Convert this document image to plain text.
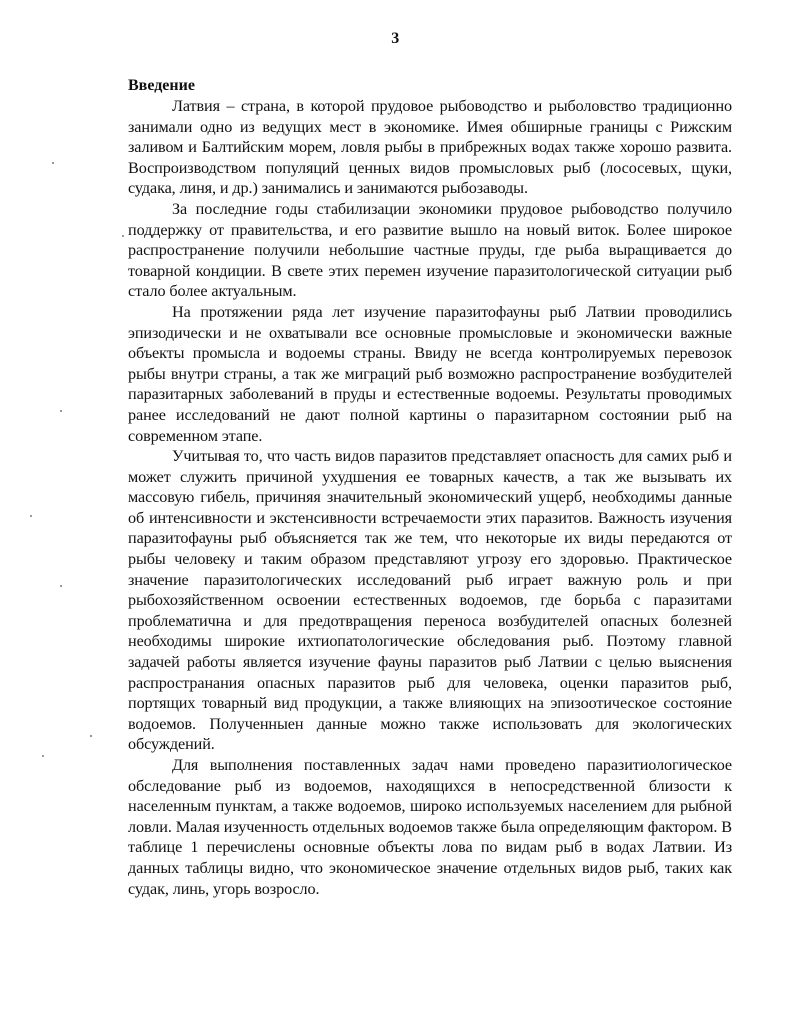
3

Введение

Латвия – страна, в которой прудовое рыбоводство и рыболовство традиционно занимали одно из ведущих мест в экономике. Имея обширные границы с Рижским заливом и Балтийским морем, ловля рыбы в прибрежных водах также хорошо развита. Воспроизводством популяций ценных видов промысловых рыб (лососевых, щуки, судака, линя, и др.) занимались и занимаются рыбозаводы.

За последние годы стабилизации экономики прудовое рыбоводство получило поддержку от правительства, и его развитие вышло на новый виток. Более широкое распространение получили небольшие частные пруды, где рыба выращивается до товарной кондиции. В свете этих перемен изучение паразитологической ситуации рыб стало более актуальным.

На протяжении ряда лет изучение паразитофауны рыб Латвии проводились эпизодически и не охватывали все основные промысловые и экономически важные объекты промысла и водоемы страны. Ввиду не всегда контролируемых перевозок рыбы внутри страны, а так же миграций рыб возможно распространение возбудителей паразитарных заболеваний в пруды и естественные водоемы. Результаты проводимых ранее исследований не дают полной картины о паразитарном состоянии рыб на современном этапе.

Учитывая то, что часть видов паразитов представляет опасность для самих рыб и может служить причиной ухудшения ее товарных качеств, а так же вызывать их массовую гибель, причиняя значительный экономический ущерб, необходимы данные об интенсивности и экстенсивности встречаемости этих паразитов. Важность изучения паразитофауны рыб объясняется так же тем, что некоторые их виды передаются от рыбы человеку и таким образом представляют угрозу его здоровью. Практическое значение паразитологических исследований рыб играет важную роль и при рыбохозяйственном освоении естественных водоемов, где борьба с паразитами проблематична и для предотвращения переноса возбудителей опасных болезней необходимы широкие ихтиопатологические обследования рыб. Поэтому главной задачей работы является изучение фауны паразитов рыб Латвии с целью выяснения распространания опасных паразитов рыб для человека, оценки паразитов рыб, портящих товарный вид продукции, а также влияющих на эпизоотическое состояние водоемов. Полученныен данные можно также использовать для экологических обсуждений.

Для выполнения поставленных задач нами проведено паразитиологическое обследование рыб из водоемов, находящихся в непосредственной близости к населенным пунктам, а также водоемов, широко используемых населением для рыбной ловли. Малая изученность отдельных водоемов также была определяющим фактором. В таблице 1 перечислены основные объекты лова по видам рыб в водах Латвии. Из данных таблицы видно, что экономическое значение отдельных видов рыб, таких как судак, линь, угорь возросло.
